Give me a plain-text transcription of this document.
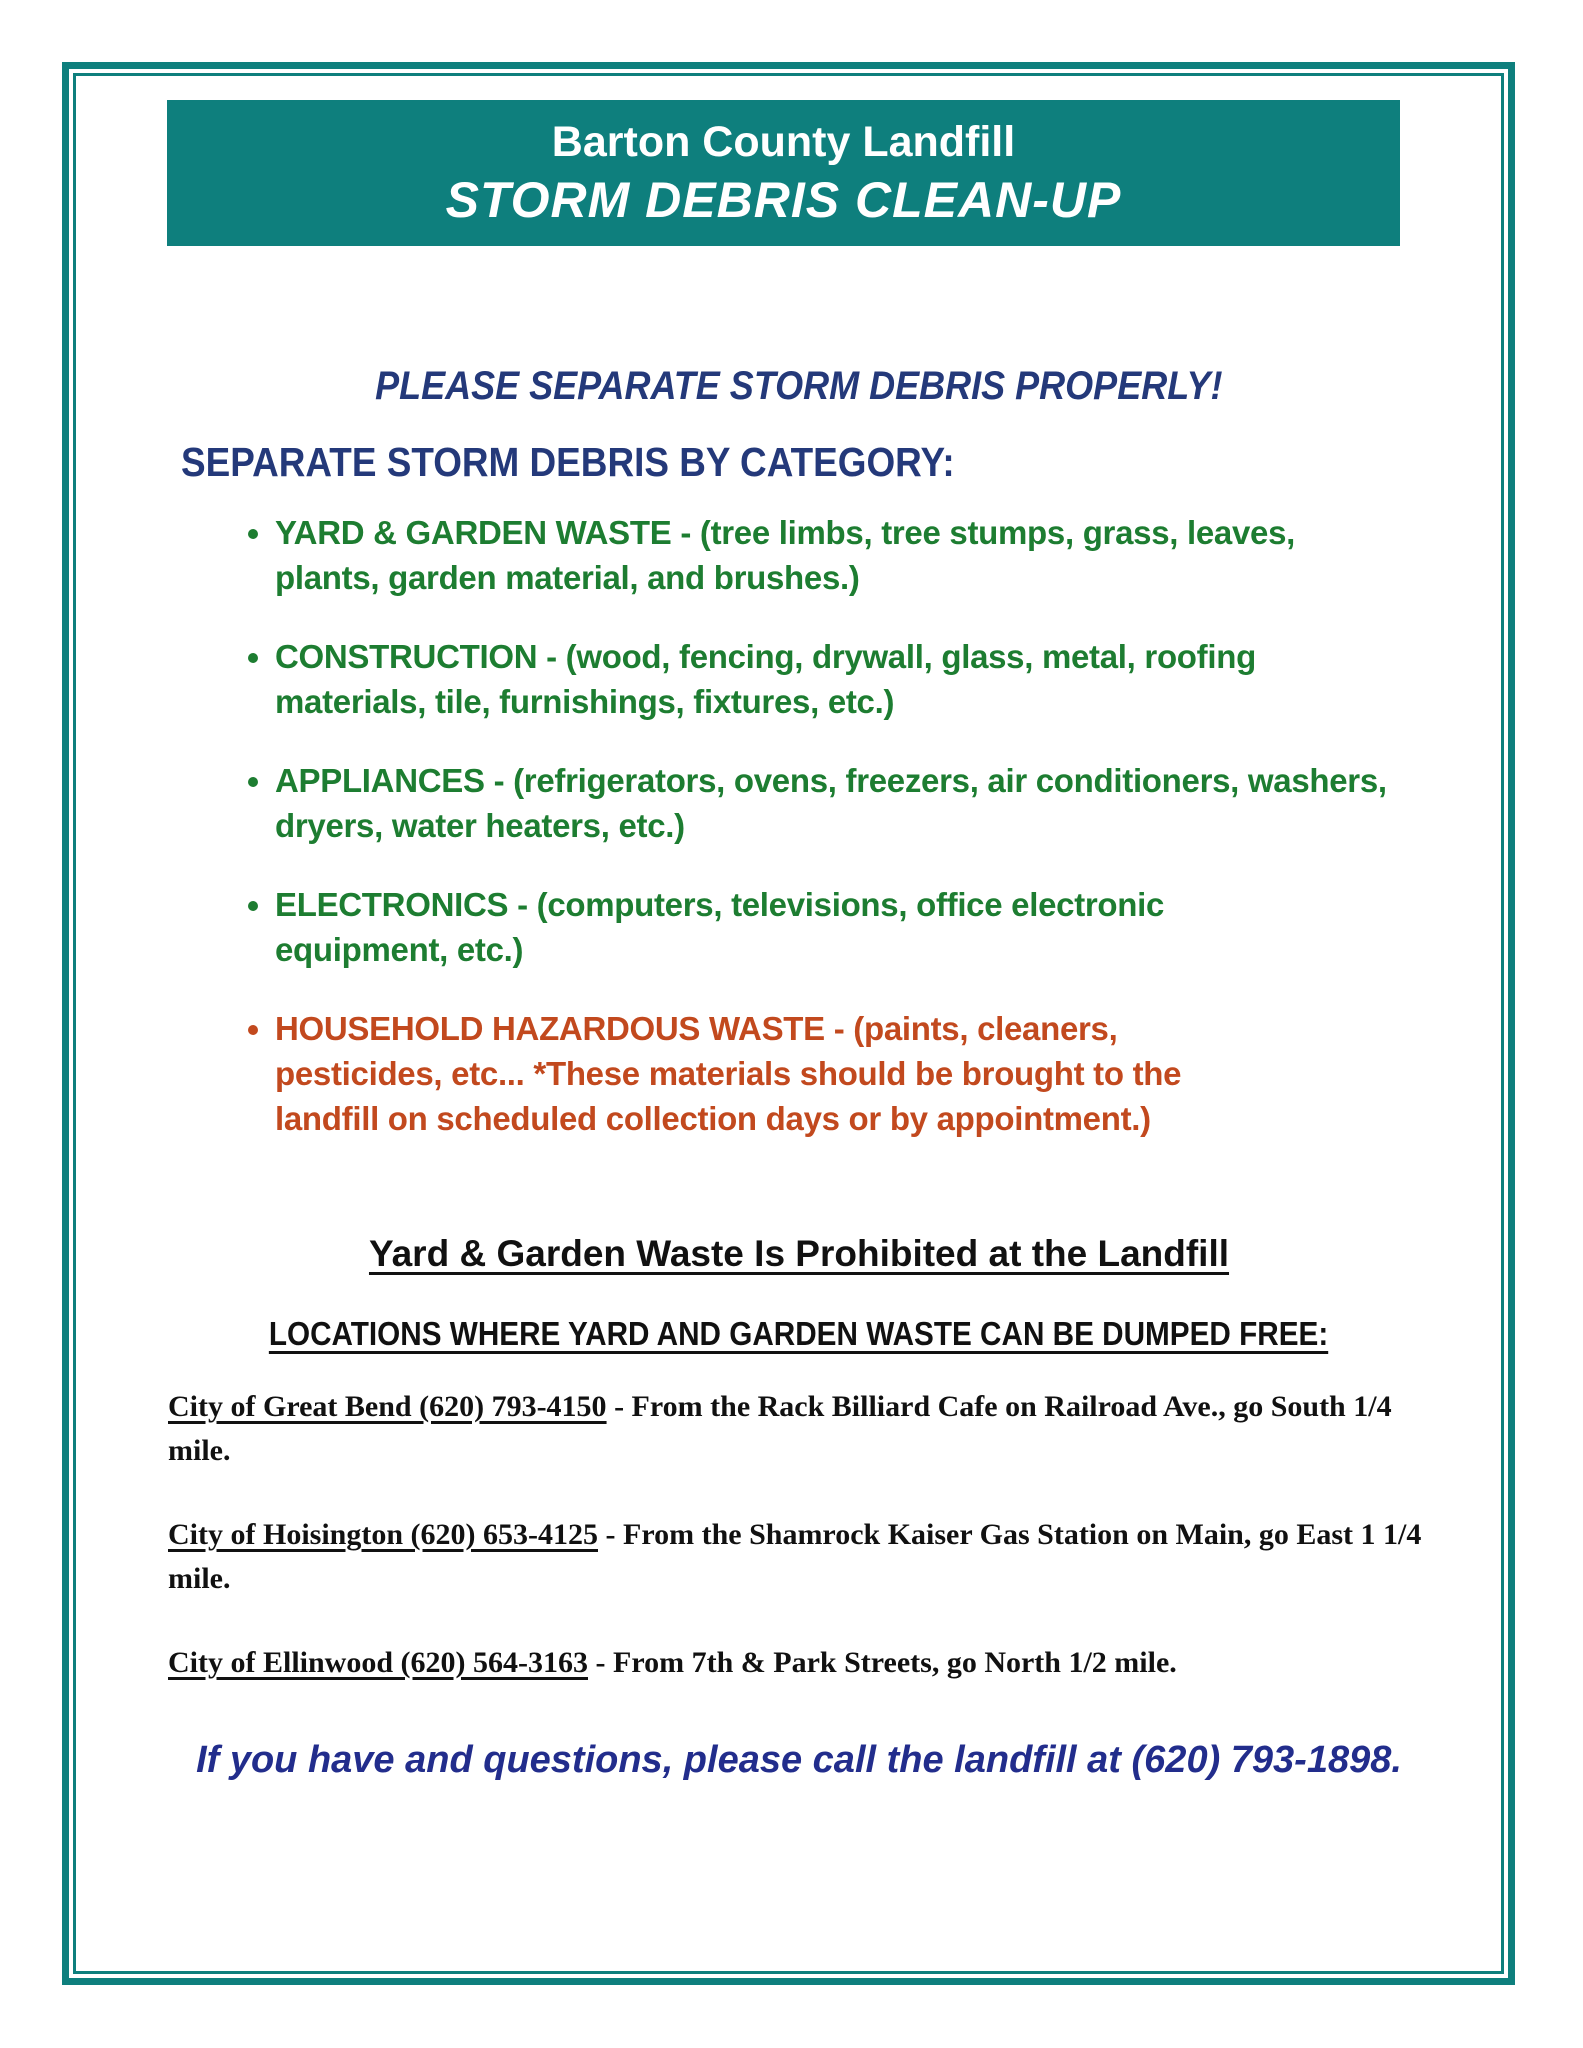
Barton County Landfill
STORM DEBRIS CLEAN-UP
PLEASE SEPARATE STORM DEBRIS PROPERLY!
SEPARATE STORM DEBRIS BY CATEGORY:
• YARD & GARDEN WASTE - (tree limbs, tree stumps, grass, leaves, plants, garden material, and brushes.)
• CONSTRUCTION - (wood, fencing, drywall, glass, metal, roofing materials, tile, furnishings, fixtures, etc.)
• APPLIANCES - (refrigerators, ovens, freezers, air conditioners, washers, dryers, water heaters, etc.)
• ELECTRONICS - (computers, televisions, office electronic equipment, etc.)
• HOUSEHOLD HAZARDOUS WASTE - (paints, cleaners, pesticides, etc... *These materials should be brought to the landfill on scheduled collection days or by appointment.)
Yard & Garden Waste Is Prohibited at the Landfill
LOCATIONS WHERE YARD AND GARDEN WASTE CAN BE DUMPED FREE:

City of Great Bend (620) 793-4150 - From the Rack Billiard Cafe on Railroad Ave., go South 1/4 mile.

City of Hoisington (620) 653-4125 - From the Shamrock Kaiser Gas Station on Main, go East 1 1/4 mile.

City of Ellinwood (620) 564-3163 - From 7th & Park Streets, go North 1/2 mile.

If you have and questions, please call the landfill at (620) 793-1898.
